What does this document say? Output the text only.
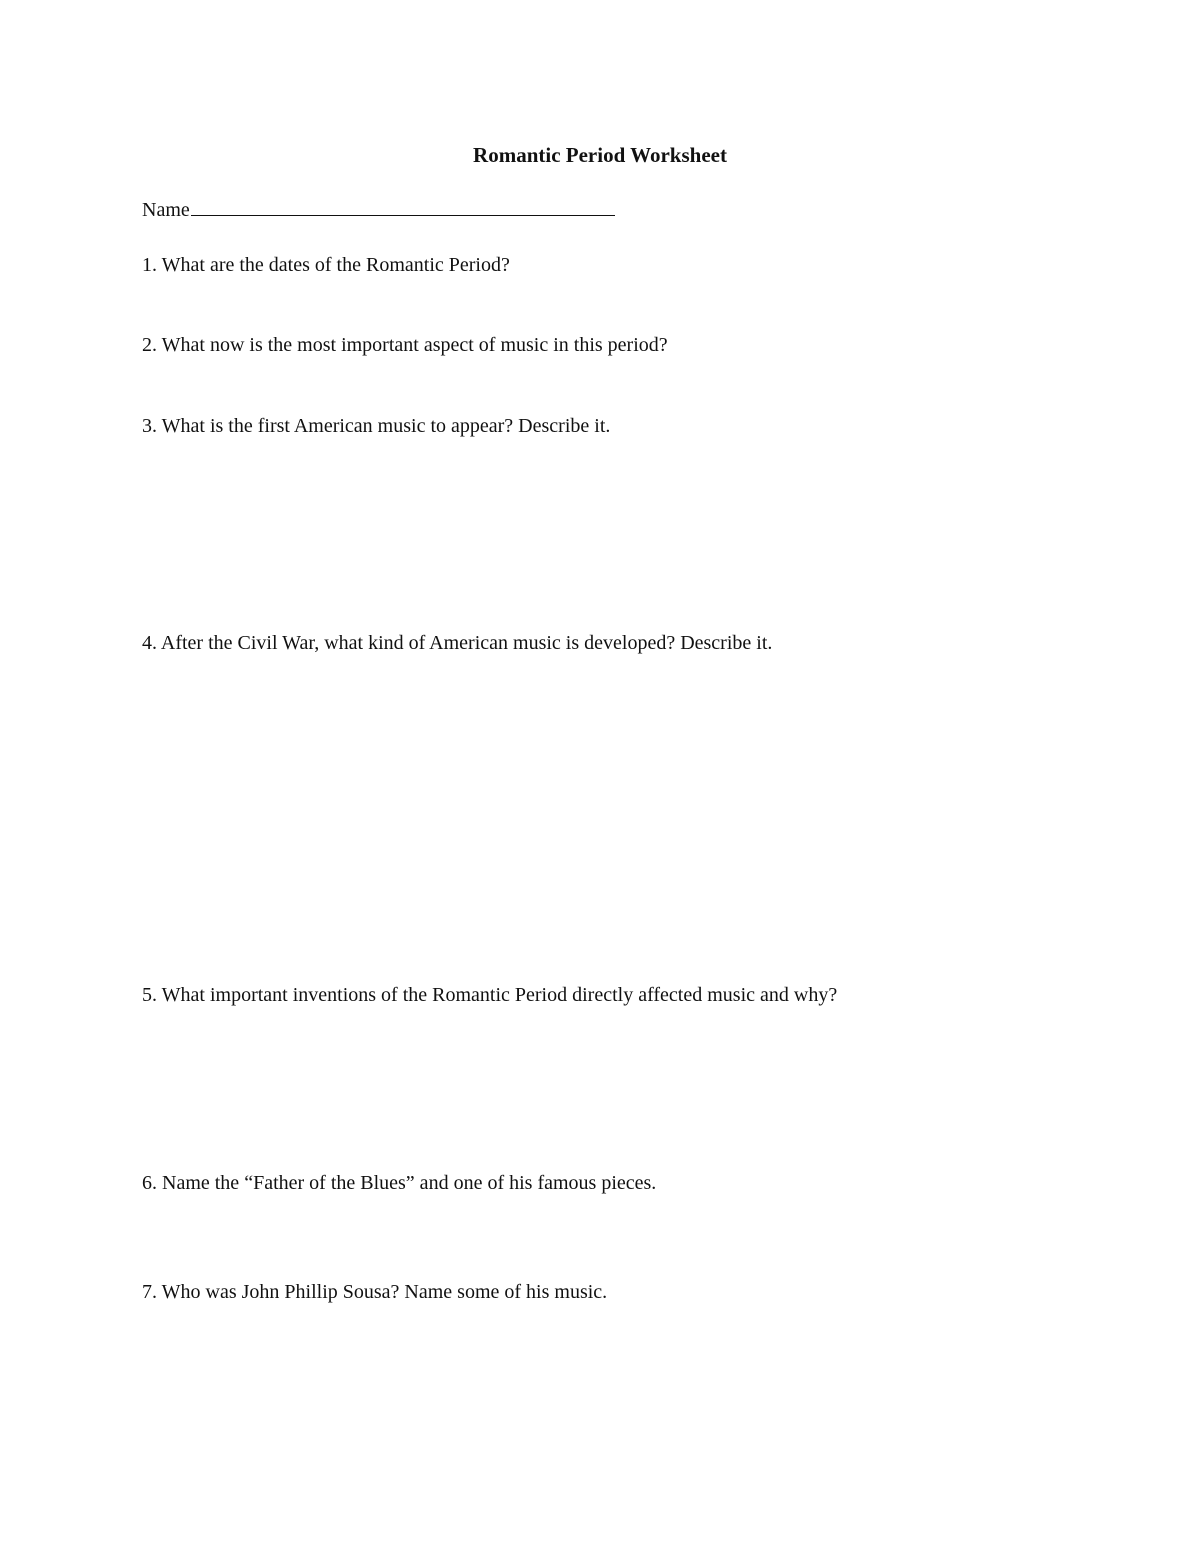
Romantic Period Worksheet
Name

1. What are the dates of the Romantic Period?

2. What now is the most important aspect of music in this period?

3. What is the first American music to appear? Describe it.

4. After the Civil War, what kind of American music is developed? Describe it.

5. What important inventions of the Romantic Period directly affected music and why?

6. Name the “Father of the Blues” and one of his famous pieces.

7. Who was John Phillip Sousa? Name some of his music.
